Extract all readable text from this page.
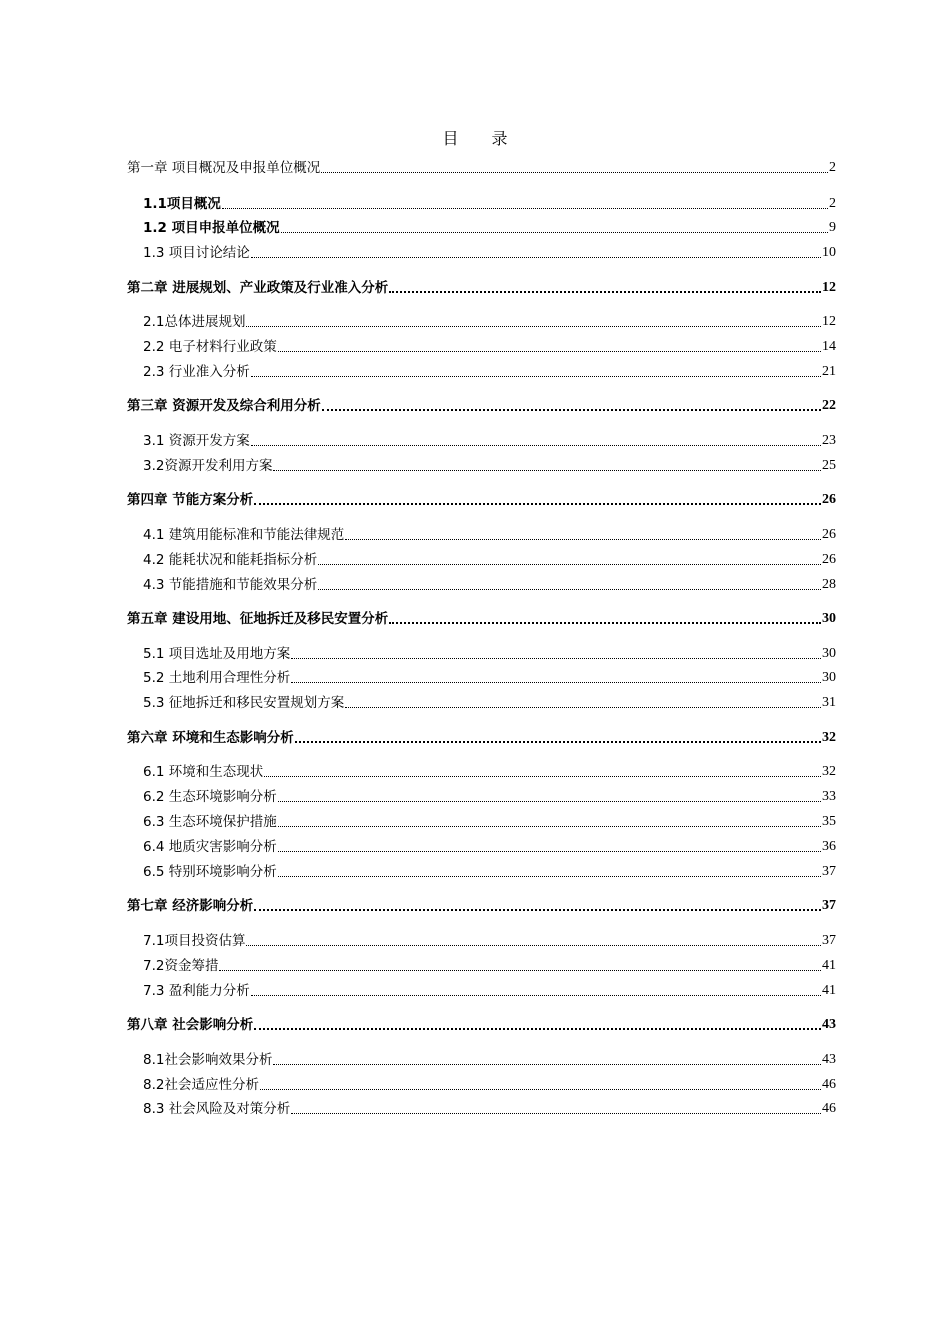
目 录
第一章 项目概况及申报单位概况	2
1.1项目概况	2
1.2 项目申报单位概况	9
1.3 项目讨论结论	10
第二章 进展规划、产业政策及行业准入分析	12
2.1总体进展规划	12
2.2 电子材料行业政策	14
2.3 行业准入分析	21
第三章 资源开发及综合利用分析	22
3.1 资源开发方案	23
3.2资源开发利用方案	25
第四章 节能方案分析	26
4.1 建筑用能标准和节能法律规范	26
4.2 能耗状况和能耗指标分析	26
4.3 节能措施和节能效果分析	28
第五章 建设用地、征地拆迁及移民安置分析	30
5.1 项目选址及用地方案	30
5.2 土地利用合理性分析	30
5.3 征地拆迁和移民安置规划方案	31
第六章 环境和生态影响分析	32
6.1 环境和生态现状	32
6.2 生态环境影响分析	33
6.3 生态环境保护措施	35
6.4 地质灾害影响分析	36
6.5 特别环境影响分析	37
第七章 经济影响分析	37
7.1项目投资估算	37
7.2资金筹措	41
7.3 盈利能力分析	41
第八章 社会影响分析	43
8.1社会影响效果分析	43
8.2社会适应性分析	46
8.3 社会风险及对策分析	46
